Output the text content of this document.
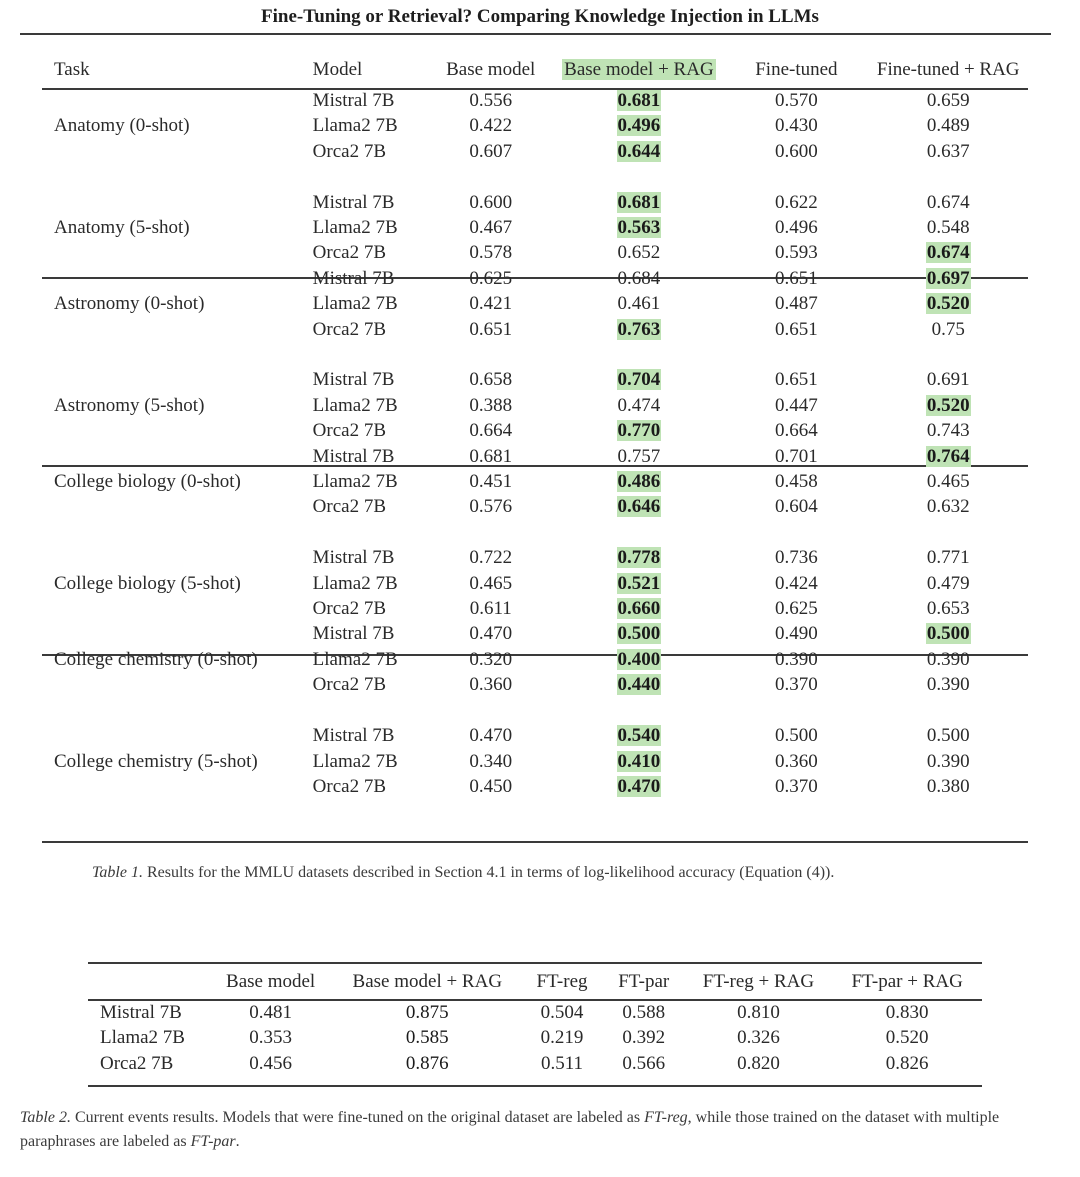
Fine-Tuning or Retrieval? Comparing Knowledge Injection in LLMs
Task	Model	Base model	Base model + RAG	Fine-tuned	Fine-tuned + RAG
	Mistral 7B	0.556	0.681	0.570	0.659
Anatomy (0-shot)	Llama2 7B	0.422	0.496	0.430	0.489
	Orca2 7B	0.607	0.644	0.600	0.637

	Mistral 7B	0.600	0.681	0.622	0.674
Anatomy (5-shot)	Llama2 7B	0.467	0.563	0.496	0.548
	Orca2 7B	0.578	0.652	0.593	0.674
	Mistral 7B	0.625	0.684	0.651	0.697
Astronomy (0-shot)	Llama2 7B	0.421	0.461	0.487	0.520
	Orca2 7B	0.651	0.763	0.651	0.75

	Mistral 7B	0.658	0.704	0.651	0.691
Astronomy (5-shot)	Llama2 7B	0.388	0.474	0.447	0.520
	Orca2 7B	0.664	0.770	0.664	0.743
	Mistral 7B	0.681	0.757	0.701	0.764
College biology (0-shot)	Llama2 7B	0.451	0.486	0.458	0.465
	Orca2 7B	0.576	0.646	0.604	0.632

	Mistral 7B	0.722	0.778	0.736	0.771
College biology (5-shot)	Llama2 7B	0.465	0.521	0.424	0.479
	Orca2 7B	0.611	0.660	0.625	0.653
	Mistral 7B	0.470	0.500	0.490	0.500
College chemistry (0-shot)	Llama2 7B	0.320	0.400	0.390	0.390
	Orca2 7B	0.360	0.440	0.370	0.390

	Mistral 7B	0.470	0.540	0.500	0.500
College chemistry (5-shot)	Llama2 7B	0.340	0.410	0.360	0.390
	Orca2 7B	0.450	0.470	0.370	0.380
Table 1. Results for the MMLU datasets described in Section 4.1 in terms of log-likelihood accuracy (Equation (4)).
	Base model	Base model + RAG	FT-reg	FT-par	FT-reg + RAG	FT-par + RAG
Mistral 7B	0.481	0.875	0.504	0.588	0.810	0.830
Llama2 7B	0.353	0.585	0.219	0.392	0.326	0.520
Orca2 7B	0.456	0.876	0.511	0.566	0.820	0.826
Table 2. Current events results. Models that were fine-tuned on the original dataset are labeled as FT-reg, while those trained on the dataset with multiple paraphrases are labeled as FT-par.
